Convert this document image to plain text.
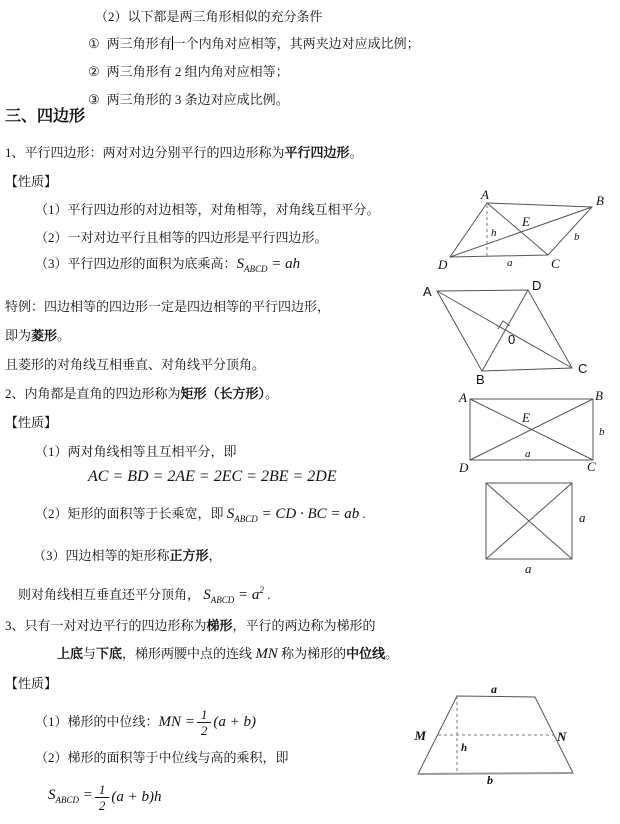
（2）以下都是两三角形相似的充分条件
① 两三角形有一个内角对应相等，其两夹边对应成比例；
② 两三角形有 2 组内角对应相等；
③ 两三角形的 3 条边对应成比例。
三、四边形
1、平行四边形：两对对边分别平行的四边形称为平行四边形。
【性质】
（1）平行四边形的对边相等，对角相等，对角线互相平分。
（2）一对对边平行且相等的四边形是平行四边形。
（3）平行四边形的面积为底乘高：$S_{ABCD}$ = ah
特例：四边相等的四边形一定是四边相等的平行四边形，
即为菱形。
且菱形的对角线互相垂直、对角线平分顶角。
2、内角都是直角的四边形称为矩形（长方形）。
【性质】
（1）两对角线相等且互相平分，即
AC = BD = 2AE = 2EC = 2BE = 2DE
（2）矩形的面积等于长乘宽，即 $S_{ABCD}$ = CD · BC = ab .
（3）四边相等的矩形称正方形，
则对角线相互垂直还平分顶角， $S_{ABCD} = a^2$ .
3、只有一对对边平行的四边形称为梯形，平行的两边称为梯形的
上底与下底，梯形两腰中点的连线 MN 称为梯形的中位线。
【性质】
（1）梯形的中位线： MN = $\frac{1}{2} (a + b)$
（2）梯形的面积等于中位线与高的乘积，即
$S_{ABCD} = \frac{1}{2} (a + b)h$
A	B
C
D
E
h
a
b
A	D
B
C
0
A	B
D	C
E
a
b
a
a
M	N
a
b
h
